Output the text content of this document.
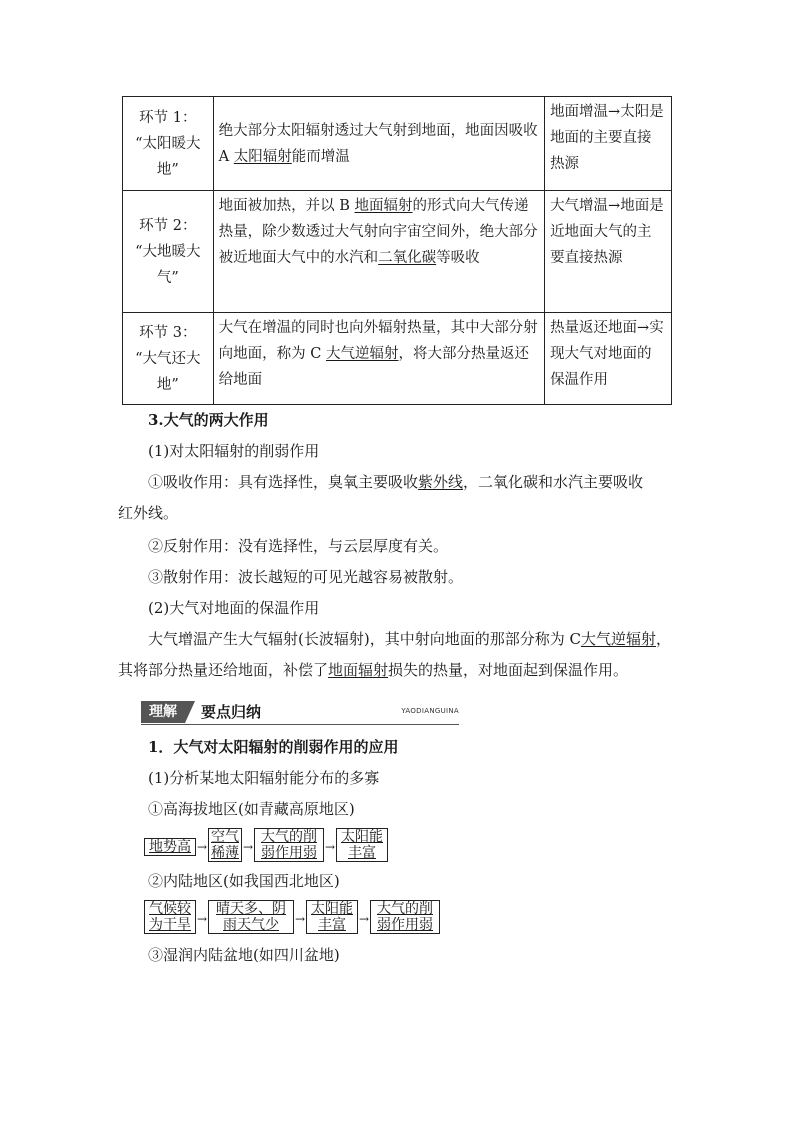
环节 1：
“太阳暖大
地”	绝大部分太阳辐射透过大气射到地面，地面因吸收 A 太阳辐射能而增温	地面增温→太阳是地面的主要直接热源

环节 2：
“大地暖大
气”	地面被加热，并以 B 地面辐射的形式向大气传递热量，除少数透过大气射向宇宙空间外，绝大部分被近地面大气中的水汽和二氧化碳等吸收	大气增温→地面是近地面大气的主要直接热源

环节 3：
“大气还大
地”	大气在增温的同时也向外辐射热量，其中大部分射向地面，称为 C 大气逆辐射，将大部分热量返还给地面	热量返还地面→实现大气对地面的保温作用
3.大气的两大作用
(1)对太阳辐射的削弱作用
①吸收作用：具有选择性，臭氧主要吸收紫外线，二氧化碳和水汽主要吸收
红外线。
②反射作用：没有选择性，与云层厚度有关。
③散射作用：波长越短的可见光越容易被散射。
(2)大气对地面的保温作用
大气增温产生大气辐射(长波辐射)，其中射向地面的那部分称为 C大气逆辐射，
其将部分热量还给地面，补偿了地面辐射损失的热量，对地面起到保温作用。
理解	要点归纳	YAODIANGUINA
1．大气对太阳辐射的削弱作用的应用
(1)分析某地太阳辐射能分布的多寡
①高海拔地区(如青藏高原地区)
地势高 →
空气
稀薄 →
大气的削
弱作用弱 →
太阳能
丰富
②内陆地区(如我国西北地区)
气候较
为干旱 →
晴天多、阴
雨天气少	→
太阳能
丰富	→
大气的削
弱作用弱
③湿润内陆盆地(如四川盆地)
